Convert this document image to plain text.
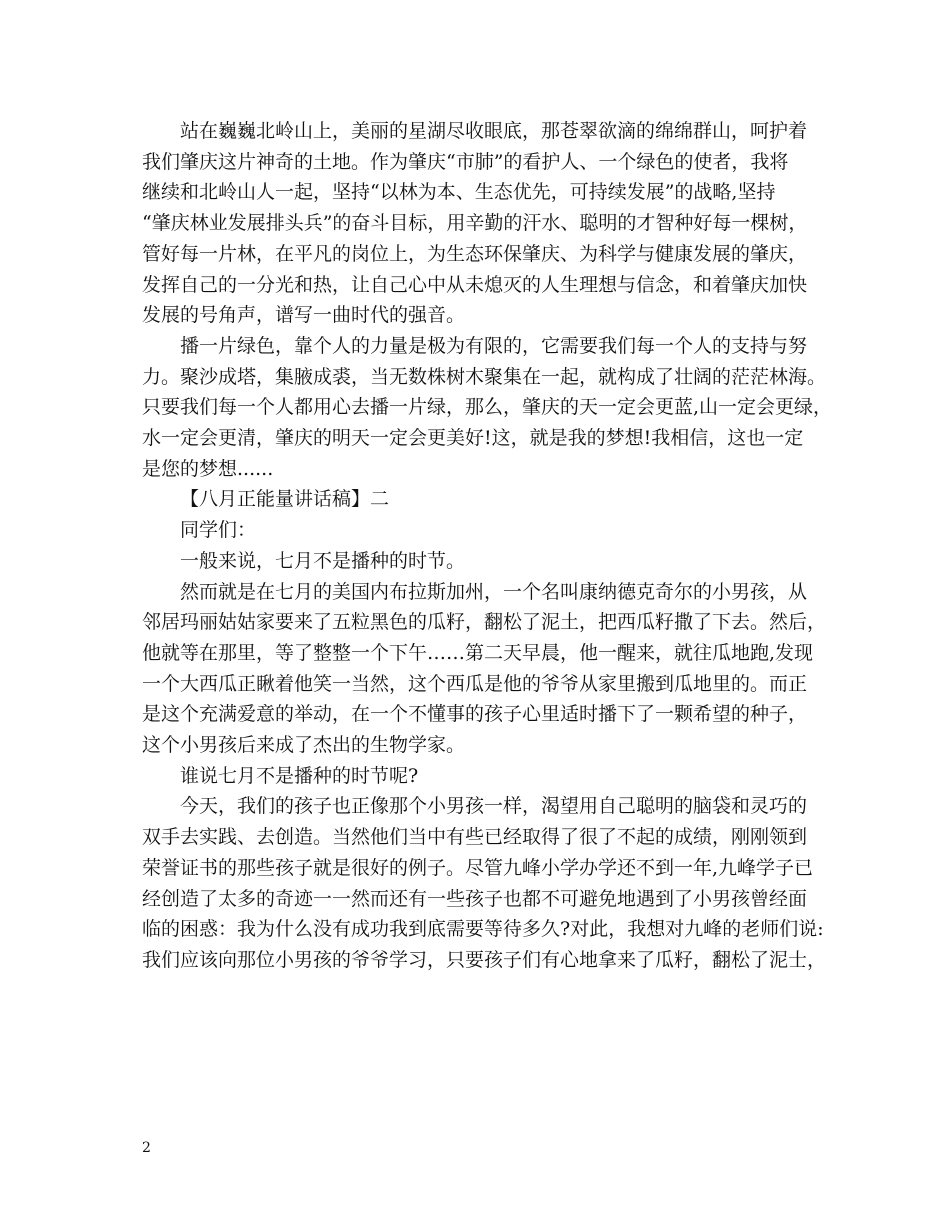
站在巍巍北岭山上，美丽的星湖尽收眼底，那苍翠欲滴的绵绵群山，呵护着

我们肇庆这片神奇的土地。作为肇庆“市肺”的看护人、一个绿色的使者，我将

继续和北岭山人一起，坚持“以林为本、生态优先，可持续发展”的战略,坚持

“肇庆林业发展排头兵”的奋斗目标，用辛勤的汗水、聪明的才智种好每一棵树，

管好每一片林，在平凡的岗位上，为生态环保肇庆、为科学与健康发展的肇庆，

发挥自己的一分光和热，让自己心中从未熄灭的人生理想与信念，和着肇庆加快

发展的号角声，谱写一曲时代的强音。

播一片绿色，靠个人的力量是极为有限的，它需要我们每一个人的支持与努

力。聚沙成塔，集腋成裘，当无数株树木聚集在一起，就构成了壮阔的茫茫林海。

只要我们每一个人都用心去播一片绿，那么，肇庆的天一定会更蓝,山一定会更绿，

水一定会更清，肇庆的明天一定会更美好!这，就是我的梦想!我相信，这也一定

是您的梦想......

【八月正能量讲话稿】二

同学们：

一般来说，七月不是播种的时节。

然而就是在七月的美国内布拉斯加州，一个名叫康纳德克奇尔的小男孩，从

邻居玛丽姑姑家要来了五粒黑色的瓜籽，翻松了泥土，把西瓜籽撒了下去。然后，

他就等在那里，等了整整一个下午……第二天早晨，他一醒来，就往瓜地跑,发现

一个大西瓜正瞅着他笑一当然，这个西瓜是他的爷爷从家里搬到瓜地里的。而正

是这个充满爱意的举动，在一个不懂事的孩子心里适时播下了一颗希望的种子，

这个小男孩后来成了杰出的生物学家。

谁说七月不是播种的时节呢?

今天，我们的孩子也正像那个小男孩一样，渴望用自己聪明的脑袋和灵巧的

双手去实践、去创造。当然他们当中有些已经取得了很了不起的成绩，刚刚领到

荣誉证书的那些孩子就是很好的例子。尽管九峰小学办学还不到一年,九峰学子已

经创造了太多的奇迹一一然而还有一些孩子也都不可避免地遇到了小男孩曾经面

临的困惑：我为什么没有成功我到底需要等待多久?对此，我想对九峰的老师们说:

我们应该向那位小男孩的爷爷学习，只要孩子们有心地拿来了瓜籽，翻松了泥士，

2
